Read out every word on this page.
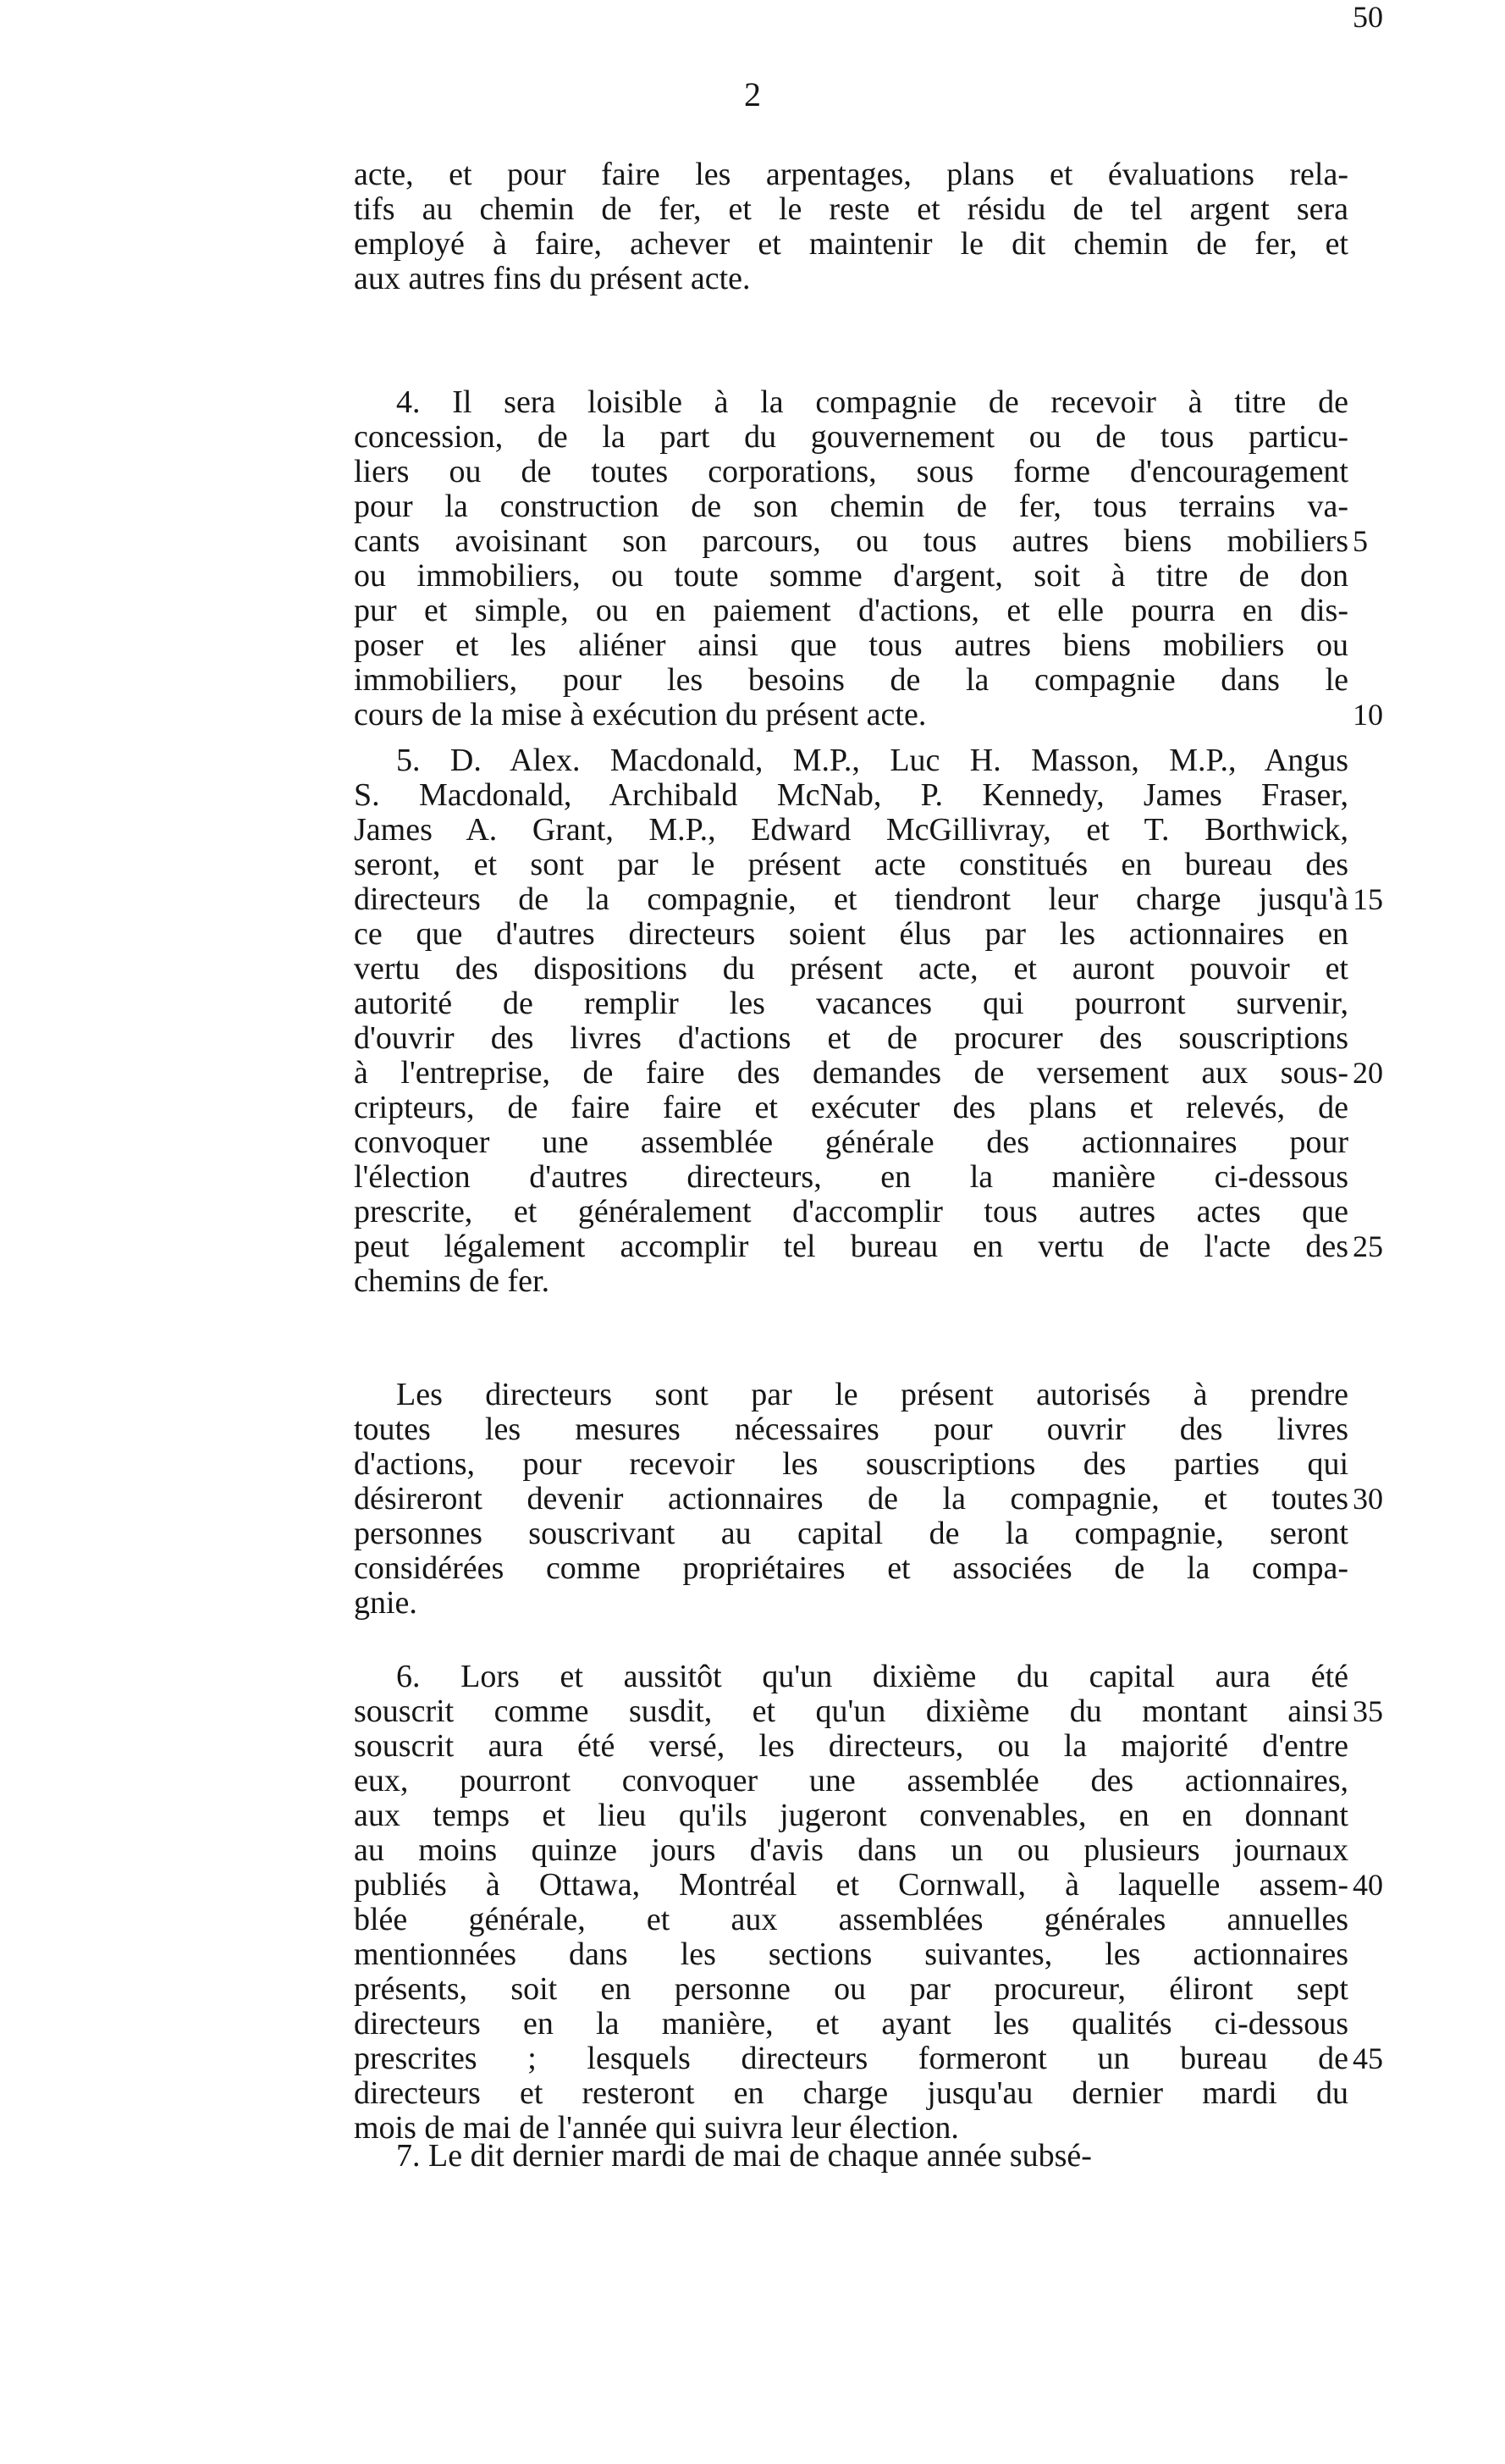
2
acte, et pour faire les arpentages, plans et évaluations rela-
tifs au chemin de fer, et le reste et résidu de tel argent sera
employé à faire, achever et maintenir le dit chemin de fer, et
aux autres fins du présent acte.
4. Il sera loisible à la compagnie de recevoir à titre de
concession, de la part du gouvernement ou de tous particu-
liers ou de toutes corporations, sous forme d'encouragement
pour la construction de son chemin de fer, tous terrains va-
cants avoisinant son parcours, ou tous autres biens mobiliers
ou immobiliers, ou toute somme d'argent, soit à titre de don
pur et simple, ou en paiement d'actions, et elle pourra en dis-
poser et les aliéner ainsi que tous autres biens mobiliers ou
immobiliers, pour les besoins de la compagnie dans le
cours de la mise à exécution du présent acte.
5. D. Alex. Macdonald, M.P., Luc H. Masson, M.P., Angus
S. Macdonald, Archibald McNab, P. Kennedy, James Fraser,
James A. Grant, M.P., Edward McGillivray, et T. Borthwick,
seront, et sont par le présent acte constitués en bureau des
directeurs de la compagnie, et tiendront leur charge jusqu'à
ce que d'autres directeurs soient élus par les actionnaires en
vertu des dispositions du présent acte, et auront pouvoir et
autorité de remplir les vacances qui pourront survenir,
d'ouvrir des livres d'actions et de procurer des souscriptions
à l'entreprise, de faire des demandes de versement aux sous-
cripteurs, de faire faire et exécuter des plans et relevés, de
convoquer une assemblée générale des actionnaires pour
l'élection d'autres directeurs, en la manière ci-dessous
prescrite, et généralement d'accomplir tous autres actes que
peut légalement accomplir tel bureau en vertu de l'acte des
chemins de fer.
Les directeurs sont par le présent autorisés à prendre
toutes les mesures nécessaires pour ouvrir des livres
d'actions, pour recevoir les souscriptions des parties qui
désireront devenir actionnaires de la compagnie, et toutes
personnes souscrivant au capital de la compagnie, seront
considérées comme propriétaires et associées de la compa-
gnie.
6. Lors et aussitôt qu'un dixième du capital aura été
souscrit comme susdit, et qu'un dixième du montant ainsi
souscrit aura été versé, les directeurs, ou la majorité d'entre
eux, pourront convoquer une assemblée des actionnaires,
aux temps et lieu qu'ils jugeront convenables, en en donnant
au moins quinze jours d'avis dans un ou plusieurs journaux
publiés à Ottawa, Montréal et Cornwall, à laquelle assem-
blée générale, et aux assemblées générales annuelles
mentionnées dans les sections suivantes, les actionnaires
présents, soit en personne ou par procureur, éliront sept
directeurs en la manière, et ayant les qualités ci-dessous
prescrites ; lesquels directeurs formeront un bureau de
directeurs et resteront en charge jusqu'au dernier mardi du
mois de mai de l'année qui suivra leur élection.
7. Le dit dernier mardi de mai de chaque année subsé-
5
10
15
20
25
30
35
40
45
50
